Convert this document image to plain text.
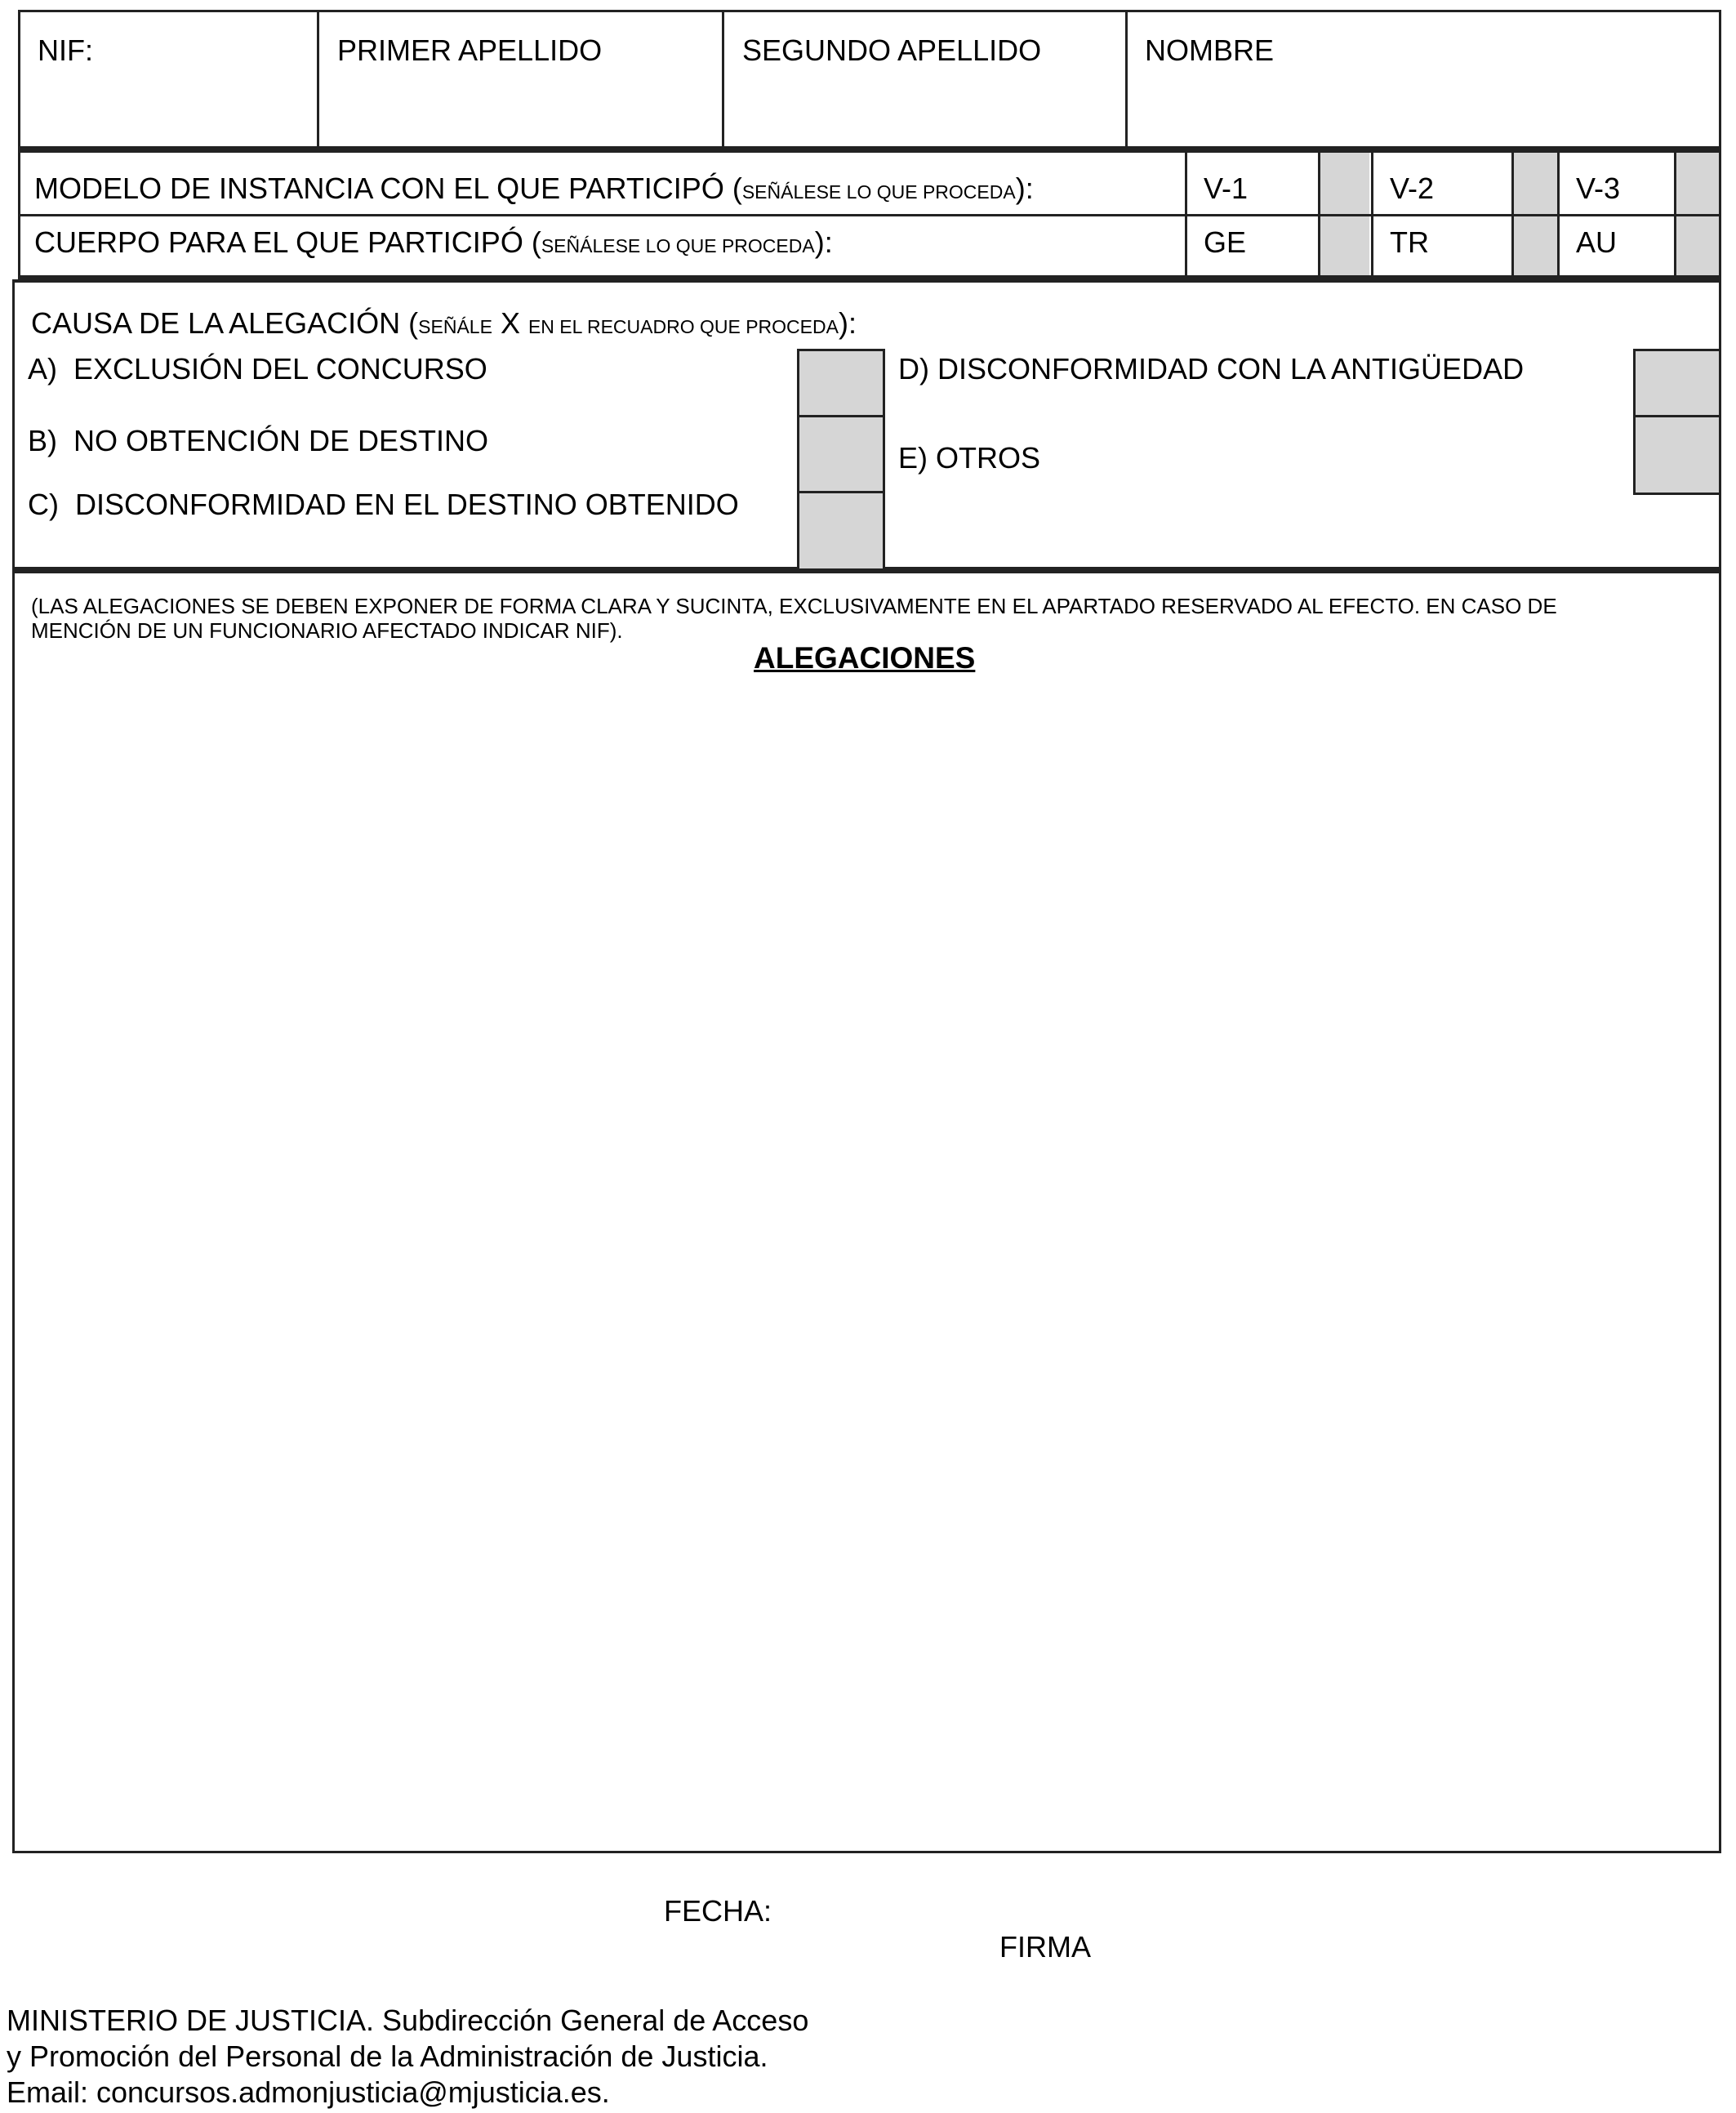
NIF:	PRIMER APELLIDO	SEGUNDO APELLIDO	NOMBRE
MODELO DE INSTANCIA CON EL QUE PARTICIPÓ (SEÑÁLESE LO QUE PROCEDA):	V-1	V-2	V-3
CUERPO PARA EL QUE PARTICIPÓ (SEÑÁLESE LO QUE PROCEDA):	GE	TR	AU
CAUSA DE LA ALEGACIÓN (SEÑÁLE X EN EL RECUADRO QUE PROCEDA):
A)  EXCLUSIÓN DEL CONCURSO
B)  NO OBTENCIÓN DE DESTINO
C)  DISCONFORMIDAD EN EL DESTINO OBTENIDO
D) DISCONFORMIDAD CON LA ANTIGÜEDAD
E) OTROS
(LAS ALEGACIONES SE DEBEN EXPONER DE FORMA CLARA Y SUCINTA, EXCLUSIVAMENTE EN EL APARTADO RESERVADO AL EFECTO. EN CASO DE
MENCIÓN DE UN FUNCIONARIO AFECTADO INDICAR NIF).
ALEGACIONES
FECHA:
FIRMA
MINISTERIO DE JUSTICIA. Subdirección General de Acceso
y Promoción del Personal de la Administración de Justicia.
Email: concursos.admonjusticia@mjusticia.es.
